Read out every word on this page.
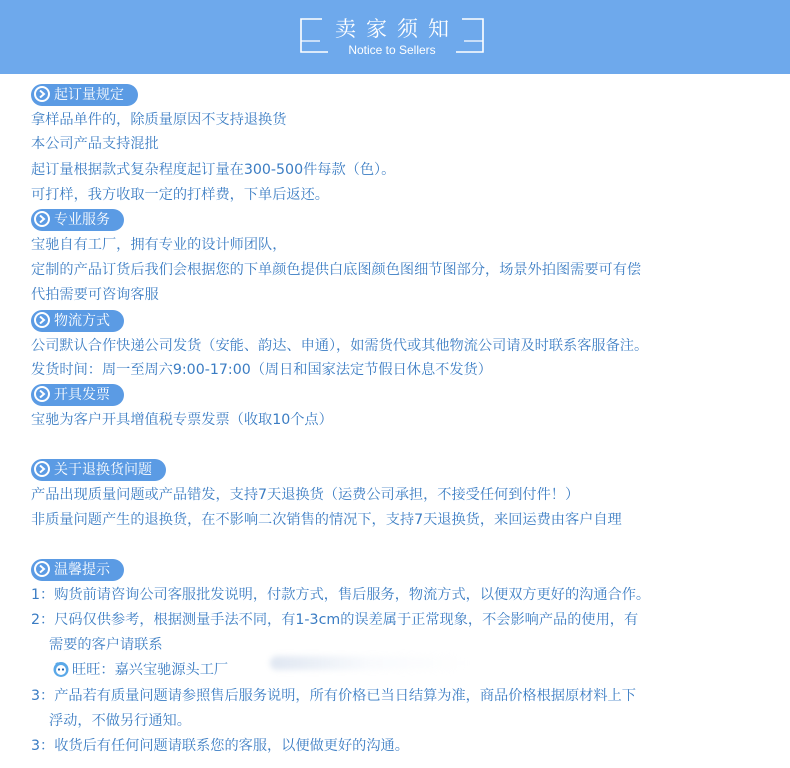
卖家须知
Notice to Sellers
起订量规定
拿样品单件的，除质量原因不支持退换货
本公司产品支持混批
起订量根据款式复杂程度起订量在300-500件每款（色）。
可打样，我方收取一定的打样费，下单后返还。
专业服务
宝驰自有工厂，拥有专业的设计师团队，
定制的产品订货后我们会根据您的下单颜色提供白底图颜色图细节图部分，场景外拍图需要可有偿
代拍需要可咨询客服
物流方式
公司默认合作快递公司发货（安能、韵达、申通），如需货代或其他物流公司请及时联系客服备注。
发货时间：周一至周六9:00-17:00（周日和国家法定节假日休息不发货）
开具发票
宝驰为客户开具增值税专票发票（收取10个点）
关于退换货问题
产品出现质量问题或产品错发，支持7天退换货（运费公司承担，不接受任何到付件！）
非质量问题产生的退换货，在不影响二次销售的情况下，支持7天退换货，来回运费由客户自理
温馨提示
1：购货前请咨询公司客服批发说明，付款方式，售后服务，物流方式，以便双方更好的沟通合作。
2：尺码仅供参考，根据测量手法不同，有1-3cm的误差属于正常现象，不会影响产品的使用，有
需要的客户请联系
旺旺：嘉兴宝驰源头工厂
3：产品若有质量问题请参照售后服务说明，所有价格已当日结算为准，商品价格根据原材料上下
浮动，不做另行通知。
3：收货后有任何问题请联系您的客服，以便做更好的沟通。
